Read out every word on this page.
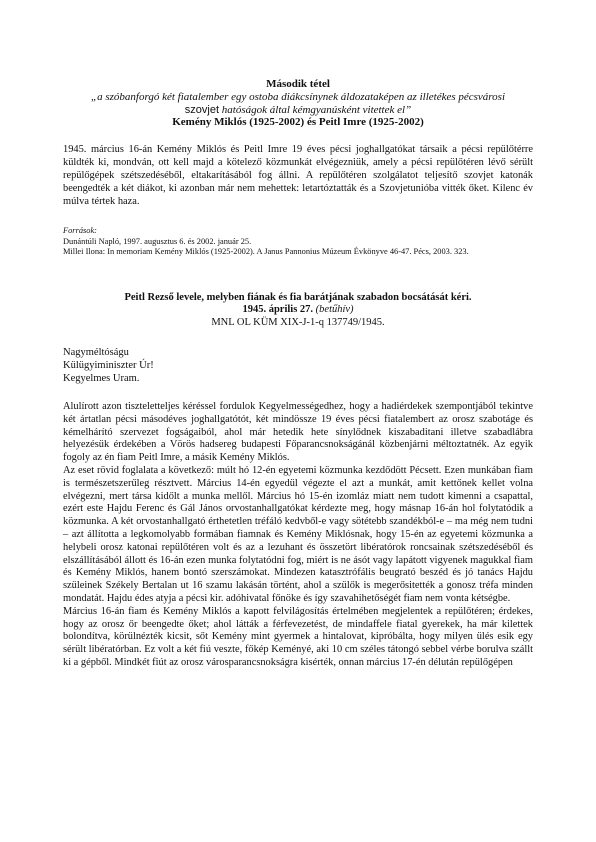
Második tétel
„a szóbanforgó két fiatalember egy ostoba diákcsínynek áldozataképen az illetékes pécsvárosi
szovjet hatóságok által kémgyanúsként vitettek el”
Kemény Miklós (1925-2002) és Peitl Imre (1925-2002)

1945. március 16-án Kemény Miklós és Peitl Imre 19 éves pécsi joghallgatókat társaik a pécsi repülőtérre küldték ki, mondván, ott kell majd a kötelező közmunkát elvégezniük, amely a pécsi repülőtéren lévő sérült repülőgépek szétszedéséből, eltakarításából fog állni. A repülőtéren szolgálatot teljesítő szovjet katonák beengedték a két diákot, ki azonban már nem mehettek: letartóztatták és a Szovjetunióba vitték őket. Kilenc év múlva tértek haza.

Források:

Dunántúli Napló, 1997. augusztus 6. és 2002. január 25.

Millei Ilona: In memoriam Kemény Miklós (1925-2002). A Janus Pannonius Múzeum Évkönyve 46-47. Pécs, 2003. 323.

Peitl Rezső levele, melyben fiának és fia barátjának szabadon bocsátását kéri.
1945. április 27. (betűhív)
MNL OL KÜM XIX-J-1-q 137749/1945.
Nagyméltóságu
Külügyiminiszter Úr!
Kegyelmes Uram.

Alulírott azon tiszteletteljes kéréssel fordulok Kegyelmességedhez, hogy a hadiérdekek szempontjából tekintve két ártatlan pécsi másodéves joghallgatótót, két mindössze 19 éves pécsi fiatalembert az orosz szabotáge és kémelhárító szervezet fogságaiból, ahol már hetedik hete sínylődnek kiszabaditani illetve szabadlábra helyezésük érdekében a Vörös hadsereg budapesti Főparancsnokságánál közbenjárni méltoztatnék. Az egyik fogoly az én fiam Peitl Imre, a másik Kemény Miklós.

Az eset rövid foglalata a következő: múlt hó 12-én egyetemi közmunka kezdődött Pécsett. Ezen munkában fiam is természetszerűleg résztvett. Március 14-én egyedül végezte el azt a munkát, amit kettőnek kellet volna elvégezni, mert társa kidőlt a munka mellől. Március hó 15-én izomláz miatt nem tudott kimenni a csapattal, ezért este Hajdu Ferenc és Gál János orvostanhallgatókat kérdezte meg, hogy másnap 16-án hol folytatódik a közmunka. A két orvostanhallgató érthetetlen tréfáló kedvből-e vagy sötétebb szandékból-e – ma még nem tudni – azt állította a legkomolyabb formában fiamnak és Kemény Miklósnak, hogy 15-én az egyetemi közmunka a helybeli orosz katonai repülőtéren volt és az a lezuhant és összetört libératórok roncsainak szétszedéséből és elszállításából állott és 16-án ezen munka folytatódni fog, miért is ne ásót vagy lapátott vigyenek magukkal fiam és Kemény Miklós, hanem bontó szerszámokat. Mindezen katasztrófális beugrató beszéd és jó tanács Hajdu szüleinek Székely Bertalan ut 16 szamu lakásán történt, ahol a szülők is megerősitették a gonosz tréfa minden mondatát. Hajdu édes atyja a pécsi kir. adóhivatal főnöke és így szavahihetőségét fiam nem vonta kétségbe.

Március 16-án fiam és Kemény Miklós a kapott felvilágosítás értelmében megjelentek a repülőtéren; érdekes, hogy az orosz őr beengedte őket; ahol látták a férfevezetést, de mindaffele fiatal gyerekek, ha már kilettek bolondítva, körülnézték kicsit, sőt Kemény mint gyermek a hintalovat, kipróbálta, hogy milyen ülés esik egy sérült libératórban. Ez volt a két fiú veszte, főkép Keményé, aki 10 cm széles tátongó sebbel vérbe borulva szállt ki a gépből. Mindkét fiút az orosz városparancsnokságra kisérték, onnan március 17-én délután repülőgépen
